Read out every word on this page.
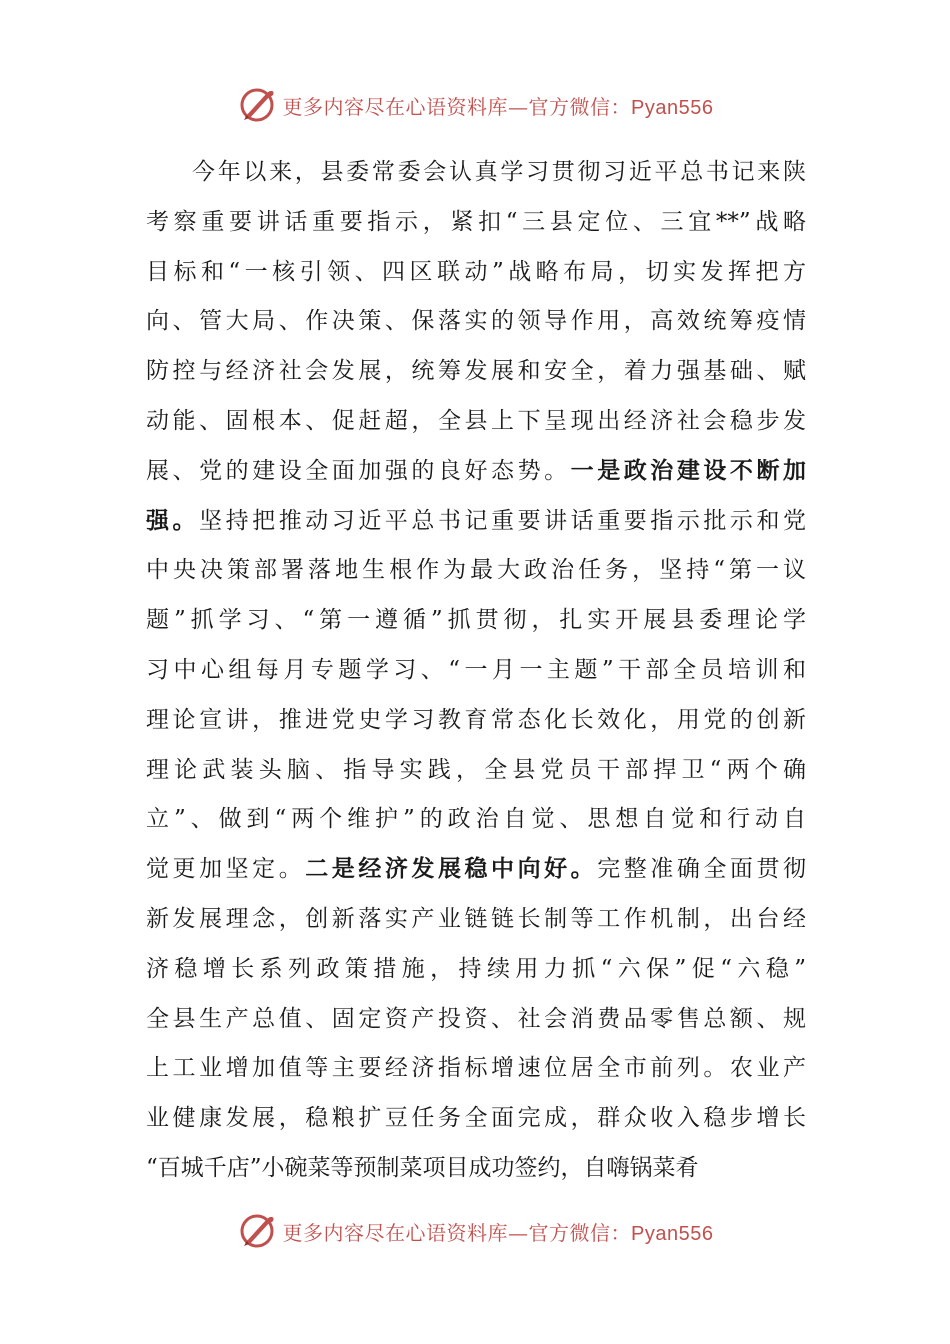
更多内容尽在心语资料库—官方微信：Pyan556
今年以来，县委常委会认真学习贯彻习近平总书记来陕
考察重要讲话重要指示，紧扣“三县定位、三宜**”战略
目标和“一核引领、四区联动”战略布局，切实发挥把方
向、管大局、作决策、保落实的领导作用，高效统筹疫情
防控与经济社会发展，统筹发展和安全，着力强基础、赋
动能、固根本、促赶超，全县上下呈现出经济社会稳步发
展、党的建设全面加强的良好态势。一是政治建设不断加
强。坚持把推动习近平总书记重要讲话重要指示批示和党
中央决策部署落地生根作为最大政治任务，坚持“第一议
题”抓学习、“第一遵循”抓贯彻，扎实开展县委理论学
习中心组每月专题学习、“一月一主题”干部全员培训和
理论宣讲，推进党史学习教育常态化长效化，用党的创新
理论武装头脑、指导实践，全县党员干部捍卫“两个确
立”、做到“两个维护”的政治自觉、思想自觉和行动自
觉更加坚定。二是经济发展稳中向好。完整准确全面贯彻
新发展理念，创新落实产业链链长制等工作机制，出台经
济稳增长系列政策措施，持续用力抓“六保”促“六稳”
全县生产总值、固定资产投资、社会消费品零售总额、规
上工业增加值等主要经济指标增速位居全市前列。农业产
业健康发展，稳粮扩豆任务全面完成，群众收入稳步增长
“百城千店”小碗菜等预制菜项目成功签约，自嗨锅菜肴
更多内容尽在心语资料库—官方微信：Pyan556
